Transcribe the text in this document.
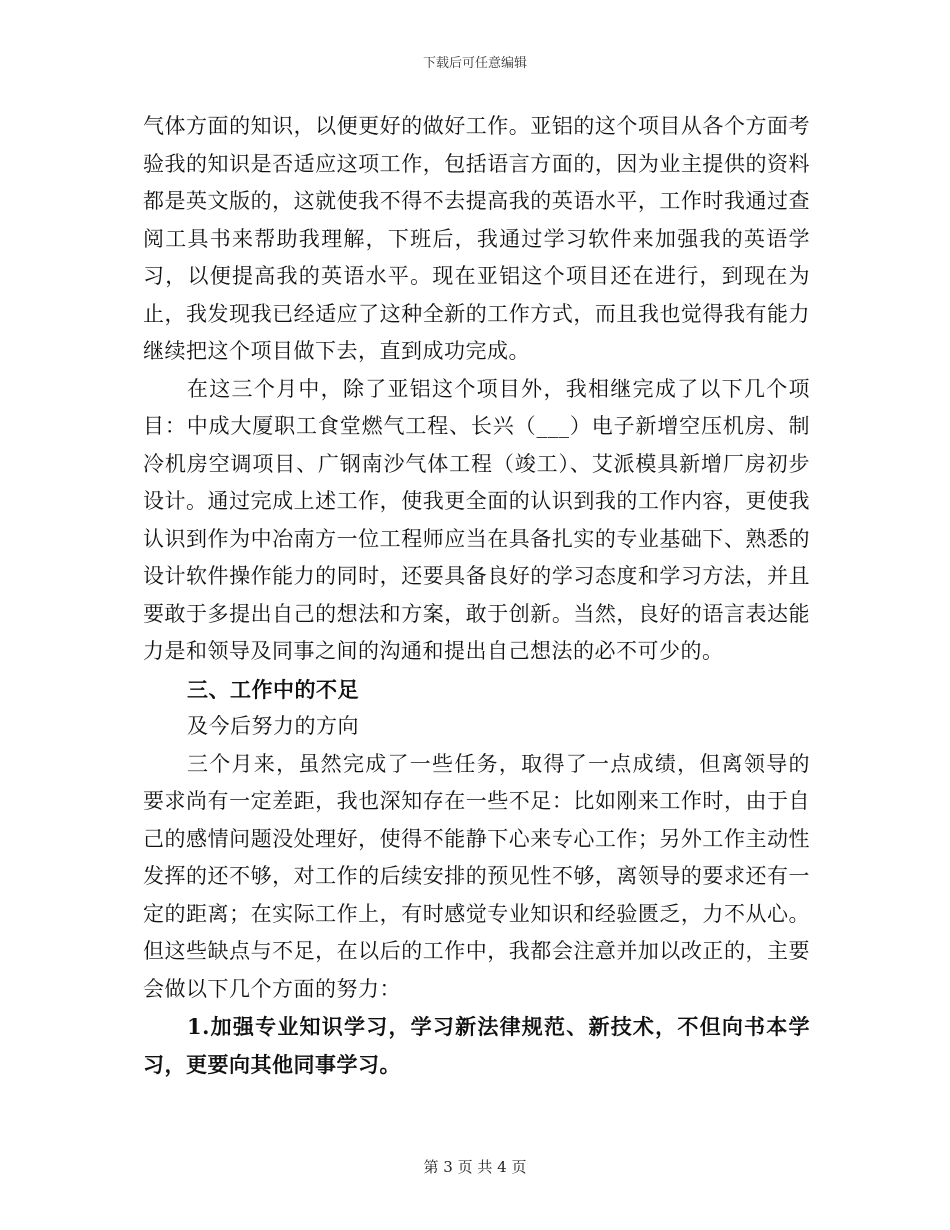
下载后可任意编辑

气体方面的知识，以便更好的做好工作。亚铝的这个项目从各个方面考验我的知识是否适应这项工作，包括语言方面的，因为业主提供的资料都是英文版的，这就使我不得不去提高我的英语水平，工作时我通过查阅工具书来帮助我理解，下班后，我通过学习软件来加强我的英语学习，以便提高我的英语水平。现在亚铝这个项目还在进行，到现在为止，我发现我已经适应了这种全新的工作方式，而且我也觉得我有能力继续把这个项目做下去，直到成功完成。

在这三个月中，除了亚铝这个项目外，我相继完成了以下几个项目：中成大厦职工食堂燃气工程、长兴（___）电子新增空压机房、制冷机房空调项目、广钢南沙气体工程（竣工）、艾派模具新增厂房初步设计。通过完成上述工作，使我更全面的认识到我的工作内容，更使我认识到作为中冶南方一位工程师应当在具备扎实的专业基础下、熟悉的设计软件操作能力的同时，还要具备良好的学习态度和学习方法，并且要敢于多提出自己的想法和方案，敢于创新。当然，良好的语言表达能力是和领导及同事之间的沟通和提出自己想法的必不可少的。

三、工作中的不足

及今后努力的方向

三个月来，虽然完成了一些任务，取得了一点成绩，但离领导的要求尚有一定差距，我也深知存在一些不足：比如刚来工作时，由于自己的感情问题没处理好，使得不能静下心来专心工作；另外工作主动性发挥的还不够，对工作的后续安排的预见性不够，离领导的要求还有一定的距离；在实际工作上，有时感觉专业知识和经验匮乏，力不从心。但这些缺点与不足，在以后的工作中，我都会注意并加以改正的，主要会做以下几个方面的努力：

1.加强专业知识学习，学习新法律规范、新技术，不但向书本学习，更要向其他同事学习。

第 3 页 共 4 页
